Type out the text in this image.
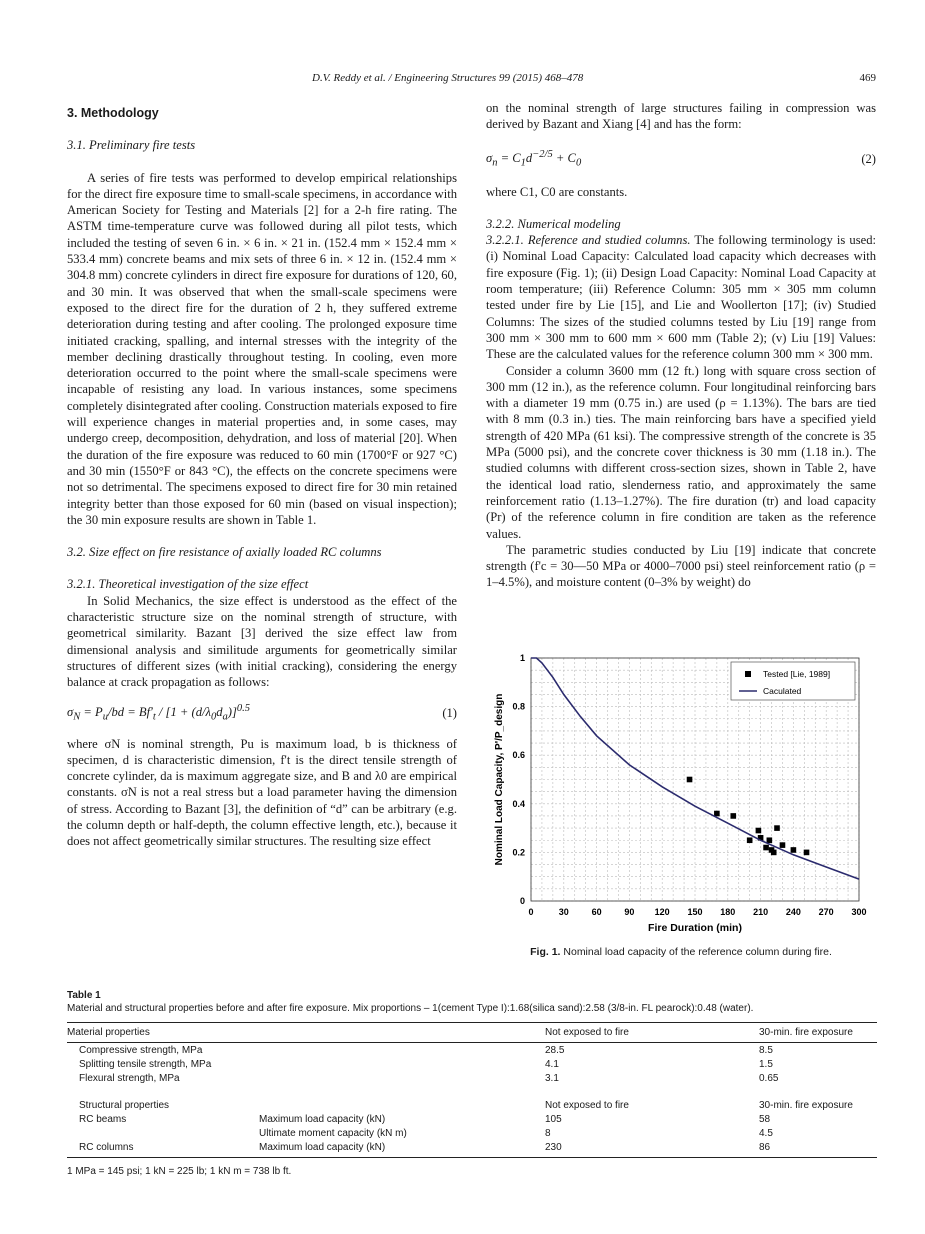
D.V. Reddy et al. / Engineering Structures 99 (2015) 468–478	469
3. Methodology
3.1. Preliminary fire tests

A series of fire tests was performed to develop empirical relationships for the direct fire exposure time to small-scale specimens, in accordance with American Society for Testing and Materials [2] for a 2-h fire rating. The ASTM time-temperature curve was followed during all pilot tests, which included the testing of seven 6 in. × 6 in. × 21 in. (152.4 mm × 152.4 mm × 533.4 mm) concrete beams and mix sets of three 6 in. × 12 in. (152.4 mm × 304.8 mm) concrete cylinders in direct fire exposure for durations of 120, 60, and 30 min. It was observed that when the small-scale specimens were exposed to the direct fire for the duration of 2 h, they suffered extreme deterioration during testing and after cooling. The prolonged exposure time initiated cracking, spalling, and internal stresses with the integrity of the member declining drastically throughout testing. In cooling, even more deterioration occurred to the point where the small-scale specimens were incapable of resisting any load. In various instances, some specimens completely disintegrated after cooling. Construction materials exposed to fire will experience changes in material properties and, in some cases, may undergo creep, decomposition, dehydration, and loss of material [20]. When the duration of the fire exposure was reduced to 60 min (1700°F or 927 °C) and 30 min (1550°F or 843 °C), the effects on the concrete specimens were not so detrimental. The specimens exposed to direct fire for 30 min retained integrity better than those exposed for 60 min (based on visual inspection); the 30 min exposure results are shown in Table 1.

3.2. Size effect on fire resistance of axially loaded RC columns
3.2.1. Theoretical investigation of the size effect

In Solid Mechanics, the size effect is understood as the effect of the characteristic structure size on the nominal strength of structure, with geometrical similarity. Bazant [3] derived the size effect law from dimensional analysis and similitude arguments for geometrically similar structures of different sizes (with initial cracking), considering the energy balance at crack propagation as follows:

$\sigma_N = P_u/bd = Bf'_t / [1 + (d/\lambda_0d_a)]^{0.5}$	(1)

where σN is nominal strength, Pu is maximum load, b is thickness of specimen, d is characteristic dimension, f't is the direct tensile strength of concrete cylinder, da is maximum aggregate size, and B and λ0 are empirical constants. σN is not a real stress but a load parameter having the dimension of stress. According to Bazant [3], the definition of “d” can be arbitrary (e.g. the column depth or half-depth, the column effective length, etc.), because it does not affect geometrically similar structures. The resulting size effect

on the nominal strength of large structures failing in compression was derived by Bazant and Xiang [4] and has the form:

$\sigma_n = C_1d^{-2/5} + C_0$	(2)

where C1, C0 are constants.

3.2.2. Numerical modeling

3.2.2.1. Reference and studied columns. The following terminology is used: (i) Nominal Load Capacity: Calculated load capacity which decreases with fire exposure (Fig. 1); (ii) Design Load Capacity: Nominal Load Capacity at room temperature; (iii) Reference Column: 305 mm × 305 mm column tested under fire by Lie [15], and Lie and Woollerton [17]; (iv) Studied Columns: The sizes of the studied columns tested by Liu [19] range from 300 mm × 300 mm to 600 mm × 600 mm (Table 2); (v) Liu [19] Values: These are the calculated values for the reference column 300 mm × 300 mm.

Consider a column 3600 mm (12 ft.) long with square cross section of 300 mm (12 in.), as the reference column. Four longitudinal reinforcing bars with a diameter 19 mm (0.75 in.) are used (ρ = 1.13%). The bars are tied with 8 mm (0.3 in.) ties. The main reinforcing bars have a specified yield strength of 420 MPa (61 ksi). The compressive strength of the concrete is 35 MPa (5000 psi), and the concrete cover thickness is 30 mm (1.18 in.). The studied columns with different cross-section sizes, shown in Table 2, have the identical load ratio, slenderness ratio, and approximately the same reinforcement ratio (1.13–1.27%). The fire duration (tr) and load capacity (Pr) of the reference column in fire condition are taken as the reference values.

The parametric studies conducted by Liu [19] indicate that concrete strength (f'c = 30—50 MPa or 4000–7000 psi) steel reinforcement ratio (ρ = 1–4.5%), and moisture content (0–3% by weight) do

0	30	60	90 120 150 180 210 240 270 300
0
0.2
0.4
0.6
0.8
1
Fire Duration (min)
Nominal Load Capacity, P'/P_design
Tested [Lie, 1989]
Caculated
Fig. 1. Nominal load capacity of the reference column during fire.
Table 1
Material and structural properties before and after fire exposure. Mix proportions – 1(cement Type I):1.68(silica sand):2.58 (3/8-in. FL pearock):0.48 (water).
Material properties		Not exposed to fire	30-min. fire exposure
Compressive strength, MPa		28.5	8.5
Splitting tensile strength, MPa		4.1	1.5
Flexural strength, MPa		3.1	0.65

Structural properties		Not exposed to fire	30-min. fire exposure
RC beams	Maximum load capacity (kN)	105	58
	Ultimate moment capacity (kN m)	8	4.5
RC columns	Maximum load capacity (kN)	230	86
1 MPa = 145 psi; 1 kN = 225 lb; 1 kN m = 738 lb ft.
